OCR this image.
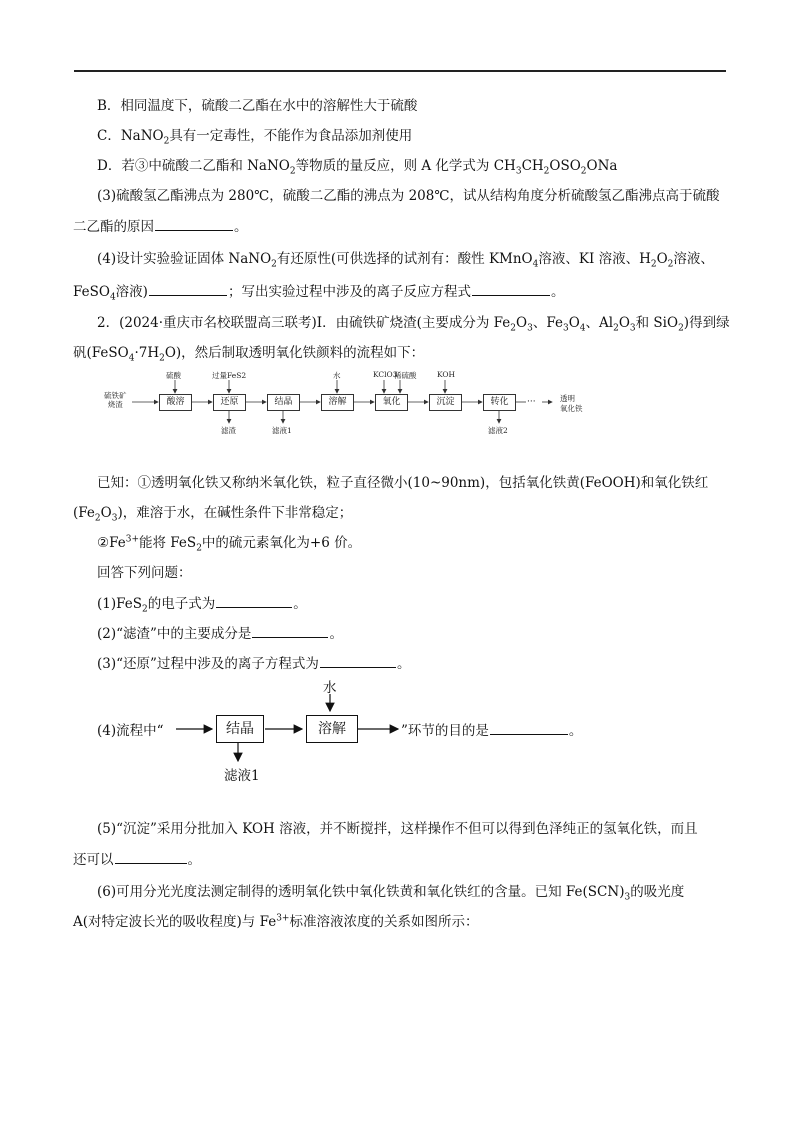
B．相同温度下，硫酸二乙酯在水中的溶解性大于硫酸
C．NaNO$_2$具有一定毒性，不能作为食品添加剂使用
D．若③中硫酸二乙酯和 NaNO$_2$等物质的量反应，则 A 化学式为 $CH_3CH_2OSO_2ONa$
(3)硫酸氢乙酯沸点为 280℃，硫酸二乙酯的沸点为 208℃，试从结构角度分析硫酸氢乙酯沸点高于硫酸
二乙酯的原因	。
(4)设计实验验证固体 NaNO$_2$有还原性(可供选择的试剂有：酸性 KMnO$_4$溶液、KI 溶液、$H_2O_2$溶液、
FeSO$_4$溶液)	；写出实验过程中涉及的离子反应方程式	。
2．(2024·重庆市名校联盟高三联考)I．由硫铁矿烧渣(主要成分为 $Fe_2O_3$、$Fe_3O_4$、$Al_2O_3$和 SiO$_2$)得到绿
矾$(FeSO_4\cdot 7H_2O)$，然后制取透明氧化铁颜料的流程如下：
硫铁矿
烧渣	酸溶	还原	结晶	溶解	氧化	沉淀	转化
硫酸	过量FeS2	水	KClO3
稀硫酸	KOH
滤渣	滤液1	滤液2
···	透明
氧化铁
已知：①透明氧化铁又称纳米氧化铁，粒子直径微小(10~90nm)，包括氧化铁黄(FeOOH)和氧化铁红
$(Fe_2O_3)$，难溶于水，在碱性条件下非常稳定；
$②Fe^{3+}$能将 FeS$_2$中的硫元素氧化为+6 价。
回答下列问题：
(1)FeS$_2$的电子式为	。
(2)“滤渣”中的主要成分是	。
(3)“还原”过程中涉及的离子方程式为	。
(4)流程中“	结晶	溶解
水
滤液1
”环节的目的是	。
(5)“沉淀”采用分批加入 KOH 溶液，并不断搅拌，这样操作不但可以得到色泽纯正的氢氧化铁，而且
还可以	。
(6)可用分光光度法测定制得的透明氧化铁中氧化铁黄和氧化铁红的含量。已知 $Fe(SCN)_3$的吸光度
A(对特定波长光的吸收程度)与 $Fe^{3+}$标准溶液浓度的关系如图所示：
